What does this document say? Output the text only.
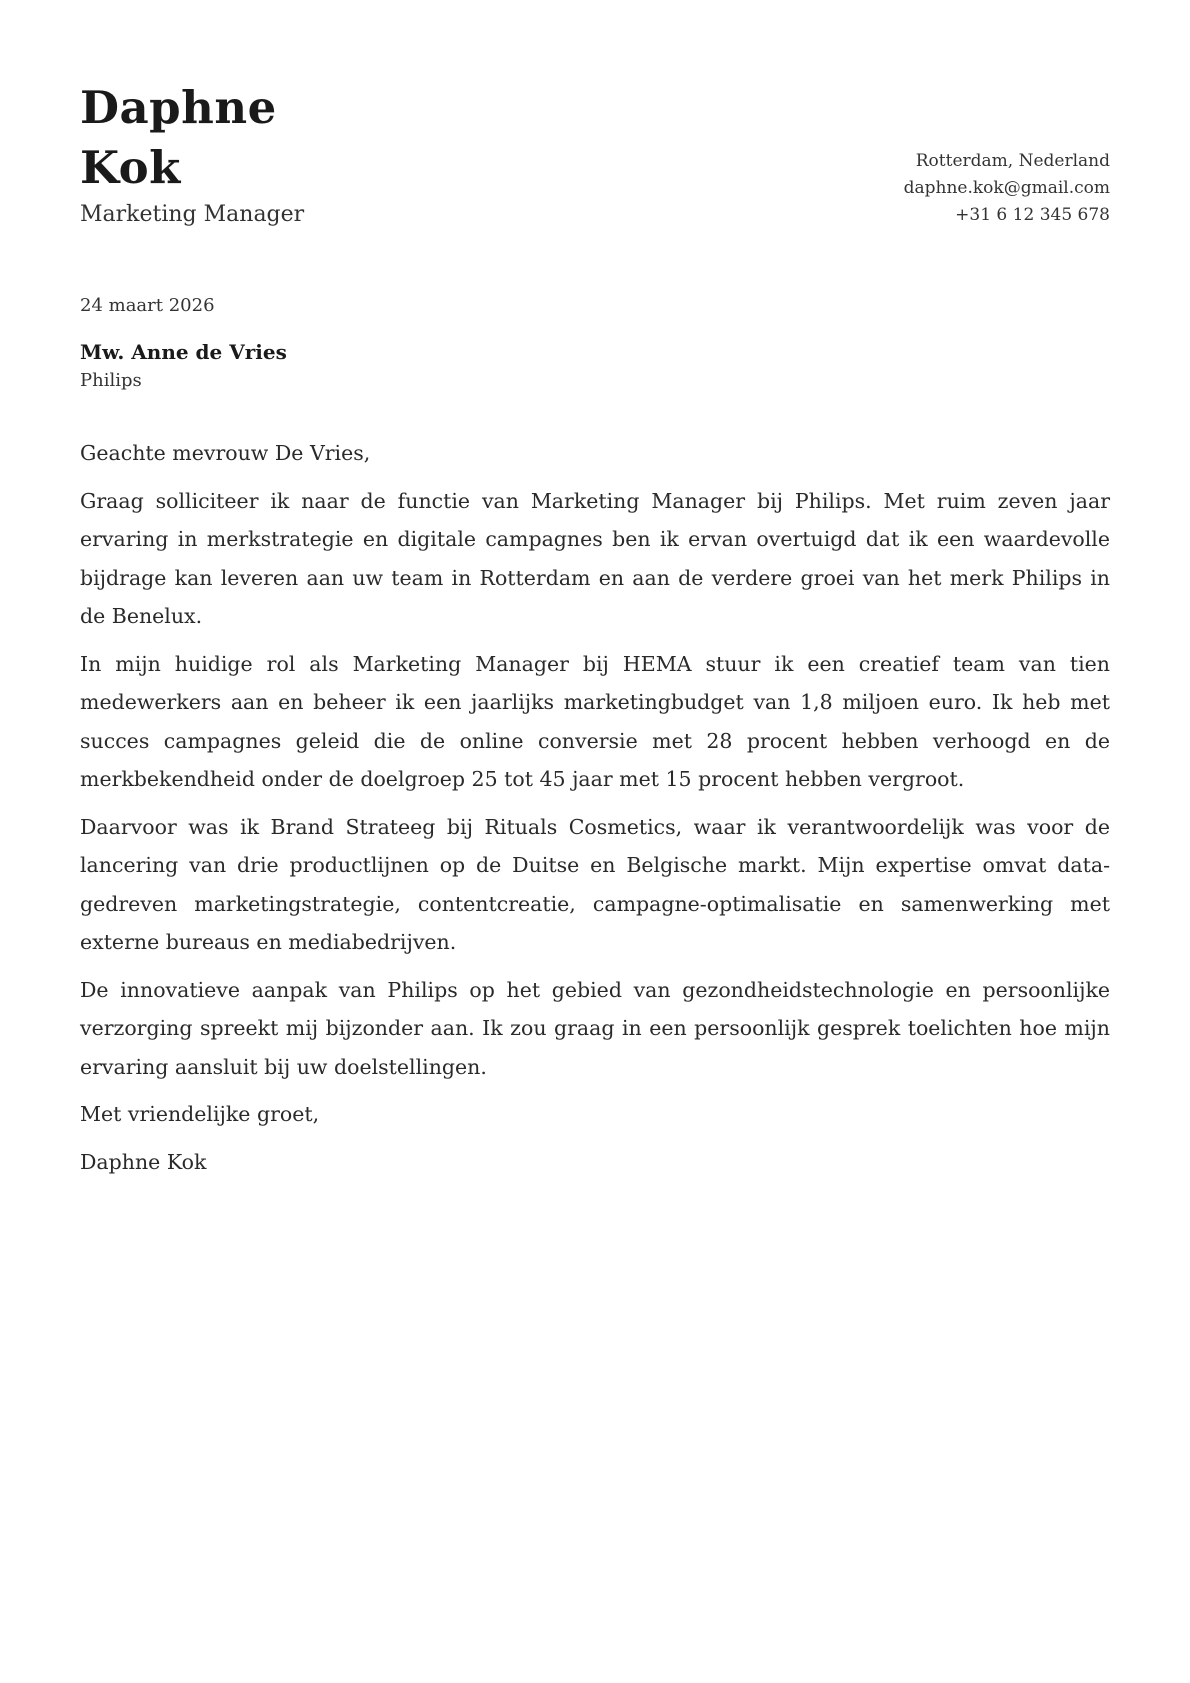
Daphne
Kok
Marketing Manager
Rotterdam, Nederland
daphne.kok@gmail.com
+31 6 12 345 678
24 maart 2026
Mw. Anne de Vries
Philips

Geachte mevrouw De Vries,

Graag solliciteer ik naar de functie van Marketing Manager bij Philips. Met ruim zeven jaar ervaring in merkstrategie en digitale campagnes ben ik ervan overtuigd dat ik een waardevolle bijdrage kan leveren aan uw team in Rotterdam en aan de verdere groei van het merk Philips in de Benelux.

In mijn huidige rol als Marketing Manager bij HEMA stuur ik een creatief team van tien medewerkers aan en beheer ik een jaarlijks marketingbudget van 1,8 miljoen euro. Ik heb met succes campagnes geleid die de online conversie met 28 procent hebben verhoogd en de merkbekendheid onder de doelgroep 25 tot 45 jaar met 15 procent hebben vergroot.

Daarvoor was ik Brand Strateeg bij Rituals Cosmetics, waar ik verantwoordelijk was voor de lancering van drie productlijnen op de Duitse en Belgische markt. Mijn expertise omvat data-gedreven marketingstrategie, contentcreatie, campagne-optimalisatie en samenwerking met externe bureaus en mediabedrijven.

De innovatieve aanpak van Philips op het gebied van gezondheidstechnologie en persoonlijke verzorging spreekt mij bijzonder aan. Ik zou graag in een persoonlijk gesprek toelichten hoe mijn ervaring aansluit bij uw doelstellingen.

Met vriendelijke groet,

Daphne Kok
